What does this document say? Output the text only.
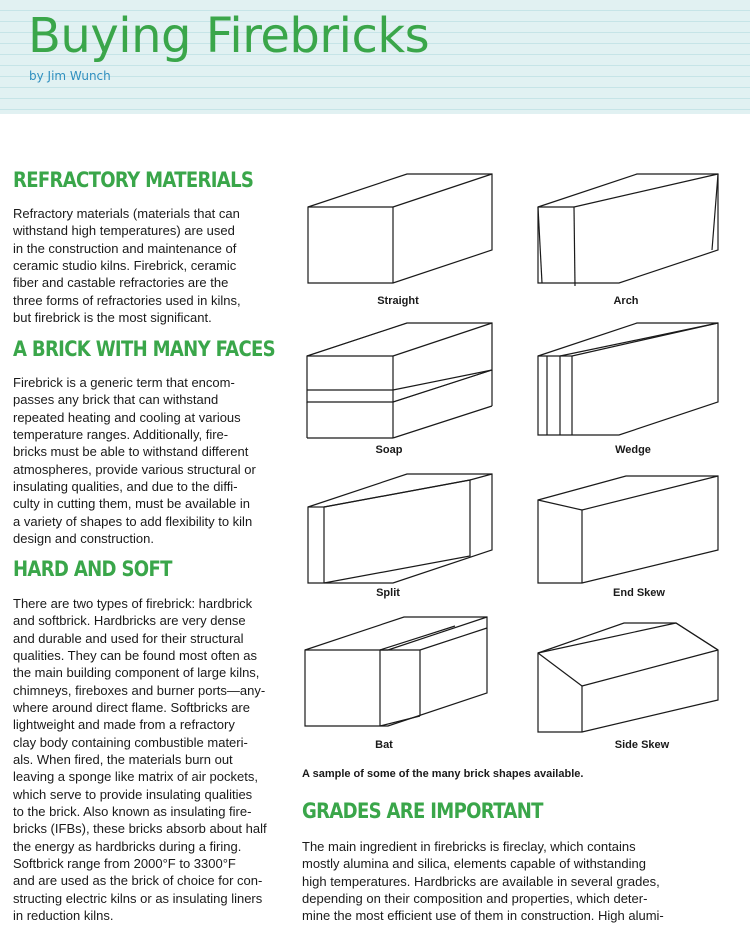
Buying Firebricks
by Jim Wunch
REFRACTORY MATERIALS
Refractory materials (materials that can
withstand high temperatures) are used
in the construction and maintenance of
ceramic studio kilns. Firebrick, ceramic
fiber and castable refractories are the
three forms of refractories used in kilns,
but firebrick is the most significant.
A BRICK WITH MANY FACES
Firebrick is a generic term that encom-
passes any brick that can withstand
repeated heating and cooling at various
temperature ranges. Additionally, fire-
bricks must be able to withstand different
atmospheres, provide various structural or
insulating qualities, and due to the diffi-
culty in cutting them, must be available in
a variety of shapes to add flexibility to kiln
design and construction.
HARD AND SOFT
There are two types of firebrick: hardbrick
and softbrick. Hardbricks are very dense
and durable and used for their structural
qualities. They can be found most often as
the main building component of large kilns,
chimneys, fireboxes and burner ports—any-
where around direct flame. Softbricks are
lightweight and made from a refractory
clay body containing combustible materi-
als. When fired, the materials burn out
leaving a sponge like matrix of air pockets,
which serve to provide insulating qualities
to the brick. Also known as insulating fire-
bricks (IFBs), these bricks absorb about half
the energy as hardbricks during a firing.
Softbrick range from 2000°F to 3300°F
and are used as the brick of choice for con-
structing electric kilns or as insulating liners
in reduction kilns.
Straight	Arch
Soap	Wedge
Split	End Skew
Bat	Side Skew

A sample of some of the many brick shapes available.

GRADES ARE IMPORTANT
The main ingredient in firebricks is fireclay, which contains
mostly alumina and silica, elements capable of withstanding
high temperatures. Hardbricks are available in several grades,
depending on their composition and properties, which deter-
mine the most efficient use of them in construction. High alumi-
